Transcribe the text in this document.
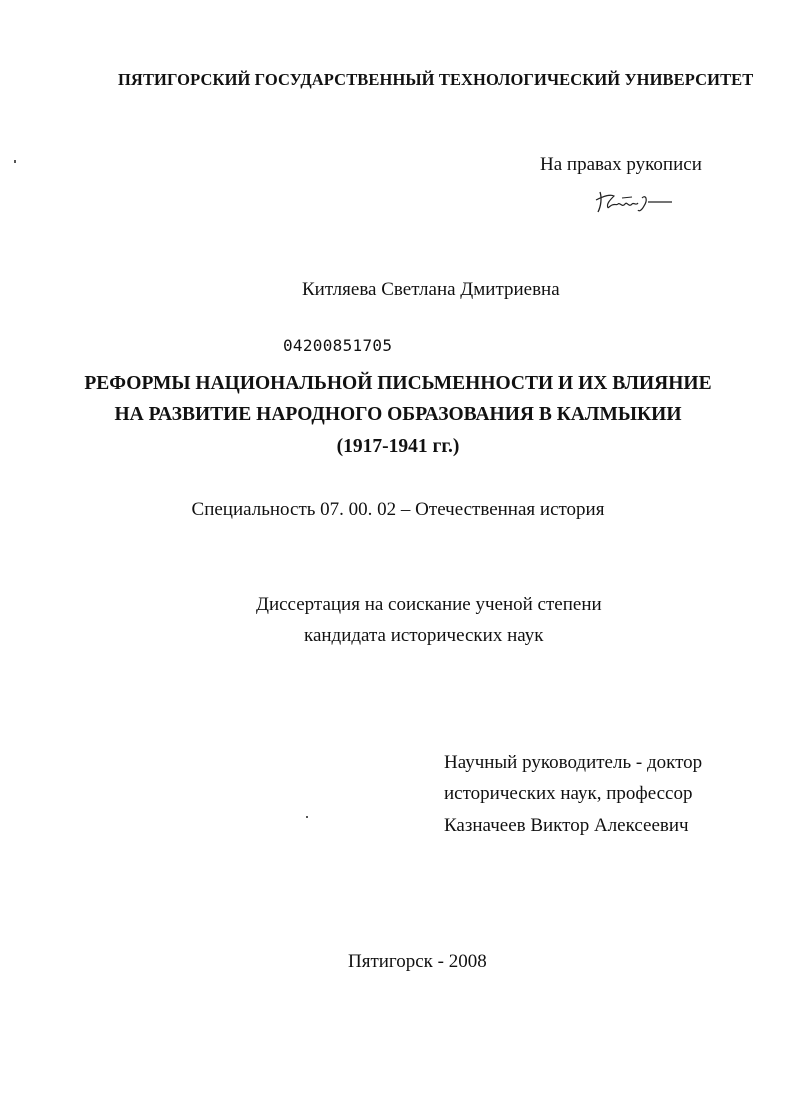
ПЯТИГОРСКИЙ ГОСУДАРСТВЕННЫЙ ТЕХНОЛОГИЧЕСКИЙ УНИВЕРСИТЕТ
На правах рукописи
Китляева Светлана Дмитриевна
04200851705
РЕФОРМЫ НАЦИОНАЛЬНОЙ ПИСЬМЕННОСТИ И ИХ ВЛИЯНИЕ
НА РАЗВИТИЕ НАРОДНОГО ОБРАЗОВАНИЯ В КАЛМЫКИИ
(1917-1941 гг.)
Специальность 07. 00. 02 – Отечественная история
Диссертация на соискание ученой степени
кандидата исторических наук
Научный руководитель - доктор
исторических наук, профессор
Казначеев Виктор Алексеевич
Пятигорск - 2008
